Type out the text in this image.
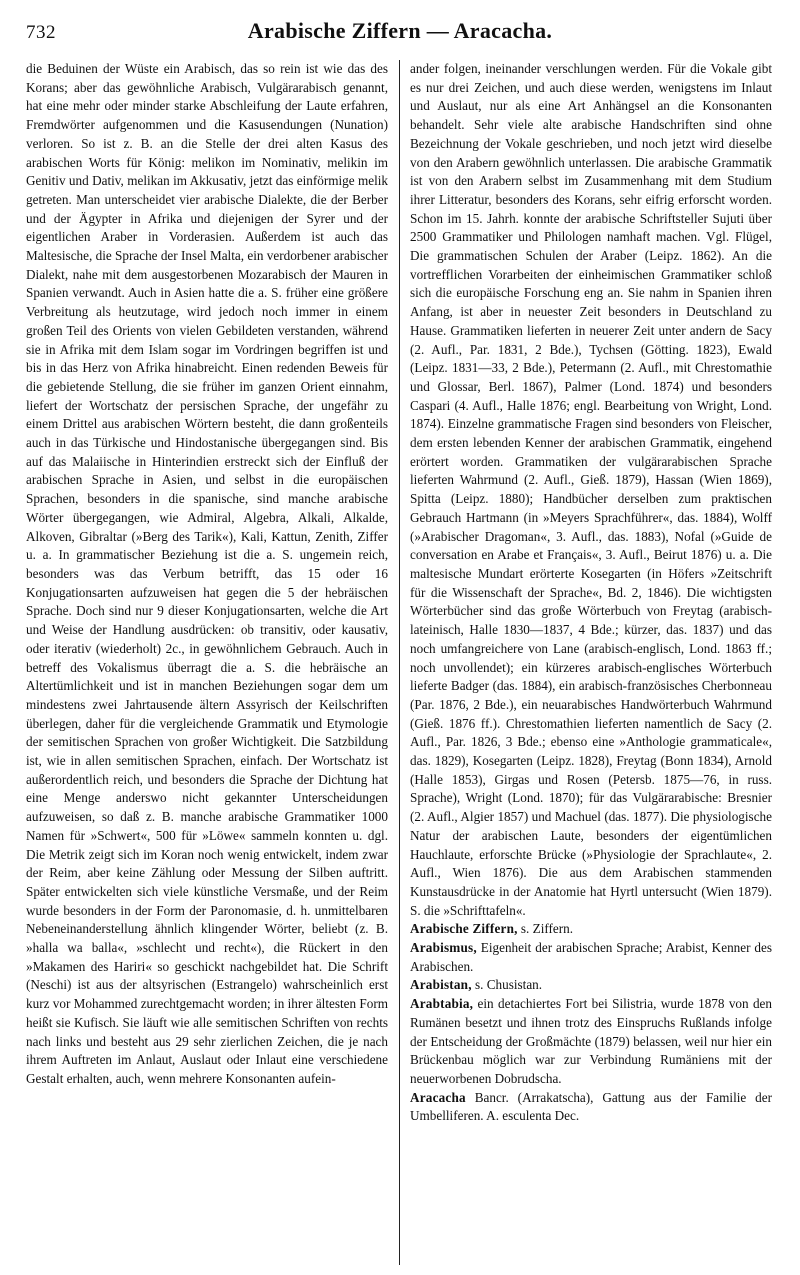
732	Arabische Ziffern — Aracacha.

die Beduinen der Wüste ein Arabisch, das so rein ist wie das des Korans; aber das gewöhnliche Arabisch, Vulgärarabisch genannt, hat eine mehr oder minder starke Abschleifung der Laute erfahren, Fremdwörter aufgenommen und die Kasusendungen (Nunation) verloren. So ist z. B. an die Stelle der drei alten Kasus des arabischen Worts für König: melikon im Nominativ, melikin im Genitiv und Dativ, melikan im Akkusativ, jetzt das einförmige melik getreten. Man unterscheidet vier arabische Dialekte, die der Berber und der Ägypter in Afrika und diejenigen der Syrer und der eigentlichen Araber in Vorderasien. Außerdem ist auch das Maltesische, die Sprache der Insel Malta, ein verdorbener arabischer Dialekt, nahe mit dem ausgestorbenen Mozarabisch der Mauren in Spanien verwandt. Auch in Asien hatte die a. S. früher eine größere Verbreitung als heutzutage, wird jedoch noch immer in einem großen Teil des Orients von vielen Gebildeten verstanden, während sie in Afrika mit dem Islam sogar im Vordringen begriffen ist und bis in das Herz von Afrika hinabreicht. Einen redenden Beweis für die gebietende Stellung, die sie früher im ganzen Orient einnahm, liefert der Wortschatz der persischen Sprache, der ungefähr zu einem Drittel aus arabischen Wörtern besteht, die dann großenteils auch in das Türkische und Hindostanische übergegangen sind. Bis auf das Malaiische in Hinterindien erstreckt sich der Einfluß der arabischen Sprache in Asien, und selbst in die europäischen Sprachen, besonders in die spanische, sind manche arabische Wörter übergegangen, wie Admiral, Algebra, Alkali, Alkalde, Alkoven, Gibraltar (»Berg des Tarik«), Kali, Kattun, Zenith, Ziffer u. a. In grammatischer Beziehung ist die a. S. ungemein reich, besonders was das Verbum betrifft, das 15 oder 16 Konjugationsarten aufzuweisen hat gegen die 5 der hebräischen Sprache. Doch sind nur 9 dieser Konjugationsarten, welche die Art und Weise der Handlung ausdrücken: ob transitiv, oder kausativ, oder iterativ (wiederholt) 2c., in gewöhnlichem Gebrauch. Auch in betreff des Vokalismus überragt die a. S. die hebräische an Altertümlichkeit und ist in manchen Beziehungen sogar dem um mindestens zwei Jahrtausende ältern Assyrisch der Keilschriften überlegen, daher für die vergleichende Grammatik und Etymologie der semitischen Sprachen von großer Wichtigkeit. Die Satzbildung ist, wie in allen semitischen Sprachen, einfach. Der Wortschatz ist außerordentlich reich, und besonders die Sprache der Dichtung hat eine Menge anderswo nicht gekannter Unterscheidungen aufzuweisen, so daß z. B. manche arabische Grammatiker 1000 Namen für »Schwert«, 500 für »Löwe« sammeln konnten u. dgl. Die Metrik zeigt sich im Koran noch wenig entwickelt, indem zwar der Reim, aber keine Zählung oder Messung der Silben auftritt. Später entwickelten sich viele künstliche Versmaße, und der Reim wurde besonders in der Form der Paronomasie, d. h. unmittelbaren Nebeneinanderstellung ähnlich klingender Wörter, beliebt (z. B. »halla wa balla«, »schlecht und recht«), die Rückert in den »Makamen des Hariri« so geschickt nachgebildet hat. Die Schrift (Neschi) ist aus der altsyrischen (Estrangelo) wahrscheinlich erst kurz vor Mohammed zurechtgemacht worden; in ihrer ältesten Form heißt sie Kufisch. Sie läuft wie alle semitischen Schriften von rechts nach links und besteht aus 29 sehr zierlichen Zeichen, die je nach ihrem Auftreten im Anlaut, Auslaut oder Inlaut eine verschiedene Gestalt erhalten, auch, wenn mehrere Konsonanten aufein-

ander folgen, ineinander verschlungen werden. Für die Vokale gibt es nur drei Zeichen, und auch diese werden, wenigstens im Inlaut und Auslaut, nur als eine Art Anhängsel an die Konsonanten behandelt. Sehr viele alte arabische Handschriften sind ohne Bezeichnung der Vokale geschrieben, und noch jetzt wird dieselbe von den Arabern gewöhnlich unterlassen. Die arabische Grammatik ist von den Arabern selbst im Zusammenhang mit dem Studium ihrer Litteratur, besonders des Korans, sehr eifrig erforscht worden. Schon im 15. Jahrh. konnte der arabische Schriftsteller Sujuti über 2500 Grammatiker und Philologen namhaft machen. Vgl. Flügel, Die grammatischen Schulen der Araber (Leipz. 1862). An die vortrefflichen Vorarbeiten der einheimischen Grammatiker schloß sich die europäische Forschung eng an. Sie nahm in Spanien ihren Anfang, ist aber in neuester Zeit besonders in Deutschland zu Hause. Grammatiken lieferten in neuerer Zeit unter andern de Sacy (2. Aufl., Par. 1831, 2 Bde.), Tychsen (Götting. 1823), Ewald (Leipz. 1831—33, 2 Bde.), Petermann (2. Aufl., mit Chrestomathie und Glossar, Berl. 1867), Palmer (Lond. 1874) und besonders Caspari (4. Aufl., Halle 1876; engl. Bearbeitung von Wright, Lond. 1874). Einzelne grammatische Fragen sind besonders von Fleischer, dem ersten lebenden Kenner der arabischen Grammatik, eingehend erörtert worden. Grammatiken der vulgärarabischen Sprache lieferten Wahrmund (2. Aufl., Gieß. 1879), Hassan (Wien 1869), Spitta (Leipz. 1880); Handbücher derselben zum praktischen Gebrauch Hartmann (in »Meyers Sprachführer«, das. 1884), Wolff (»Arabischer Dragoman«, 3. Aufl., das. 1883), Nofal (»Guide de conversation en Arabe et Français«, 3. Aufl., Beirut 1876) u. a. Die maltesische Mundart erörterte Kosegarten (in Höfers »Zeitschrift für die Wissenschaft der Sprache«, Bd. 2, 1846). Die wichtigsten Wörterbücher sind das große Wörterbuch von Freytag (arabisch-lateinisch, Halle 1830—1837, 4 Bde.; kürzer, das. 1837) und das noch umfangreichere von Lane (arabisch-englisch, Lond. 1863 ff.; noch unvollendet); ein kürzeres arabisch-englisches Wörterbuch lieferte Badger (das. 1884), ein arabisch-französisches Cherbonneau (Par. 1876, 2 Bde.), ein neuarabisches Handwörterbuch Wahrmund (Gieß. 1876 ff.). Chrestomathien lieferten namentlich de Sacy (2. Aufl., Par. 1826, 3 Bde.; ebenso eine »Anthologie grammaticale«, das. 1829), Kosegarten (Leipz. 1828), Freytag (Bonn 1834), Arnold (Halle 1853), Girgas und Rosen (Petersb. 1875—76, in russ. Sprache), Wright (Lond. 1870); für das Vulgärarabische: Bresnier (2. Aufl., Algier 1857) und Machuel (das. 1877). Die physiologische Natur der arabischen Laute, besonders der eigentümlichen Hauchlaute, erforschte Brücke (»Physiologie der Sprachlaute«, 2. Aufl., Wien 1876). Die aus dem Arabischen stammenden Kunstausdrücke in der Anatomie hat Hyrtl untersucht (Wien 1879). S. die »Schrifttafeln«.

Arabische Ziffern, s. Ziffern.

Arabismus, Eigenheit der arabischen Sprache; Arabist, Kenner des Arabischen.

Arabistan, s. Chusistan.

Arabtabia, ein detachiertes Fort bei Silistria, wurde 1878 von den Rumänen besetzt und ihnen trotz des Einspruchs Rußlands infolge der Entscheidung der Großmächte (1879) belassen, weil nur hier ein Brückenbau möglich war zur Verbindung Rumäniens mit der neuerworbenen Dobrudscha.

Aracacha Bancr. (Arrakatscha), Gattung aus der Familie der Umbelliferen. A. esculenta Dec.
